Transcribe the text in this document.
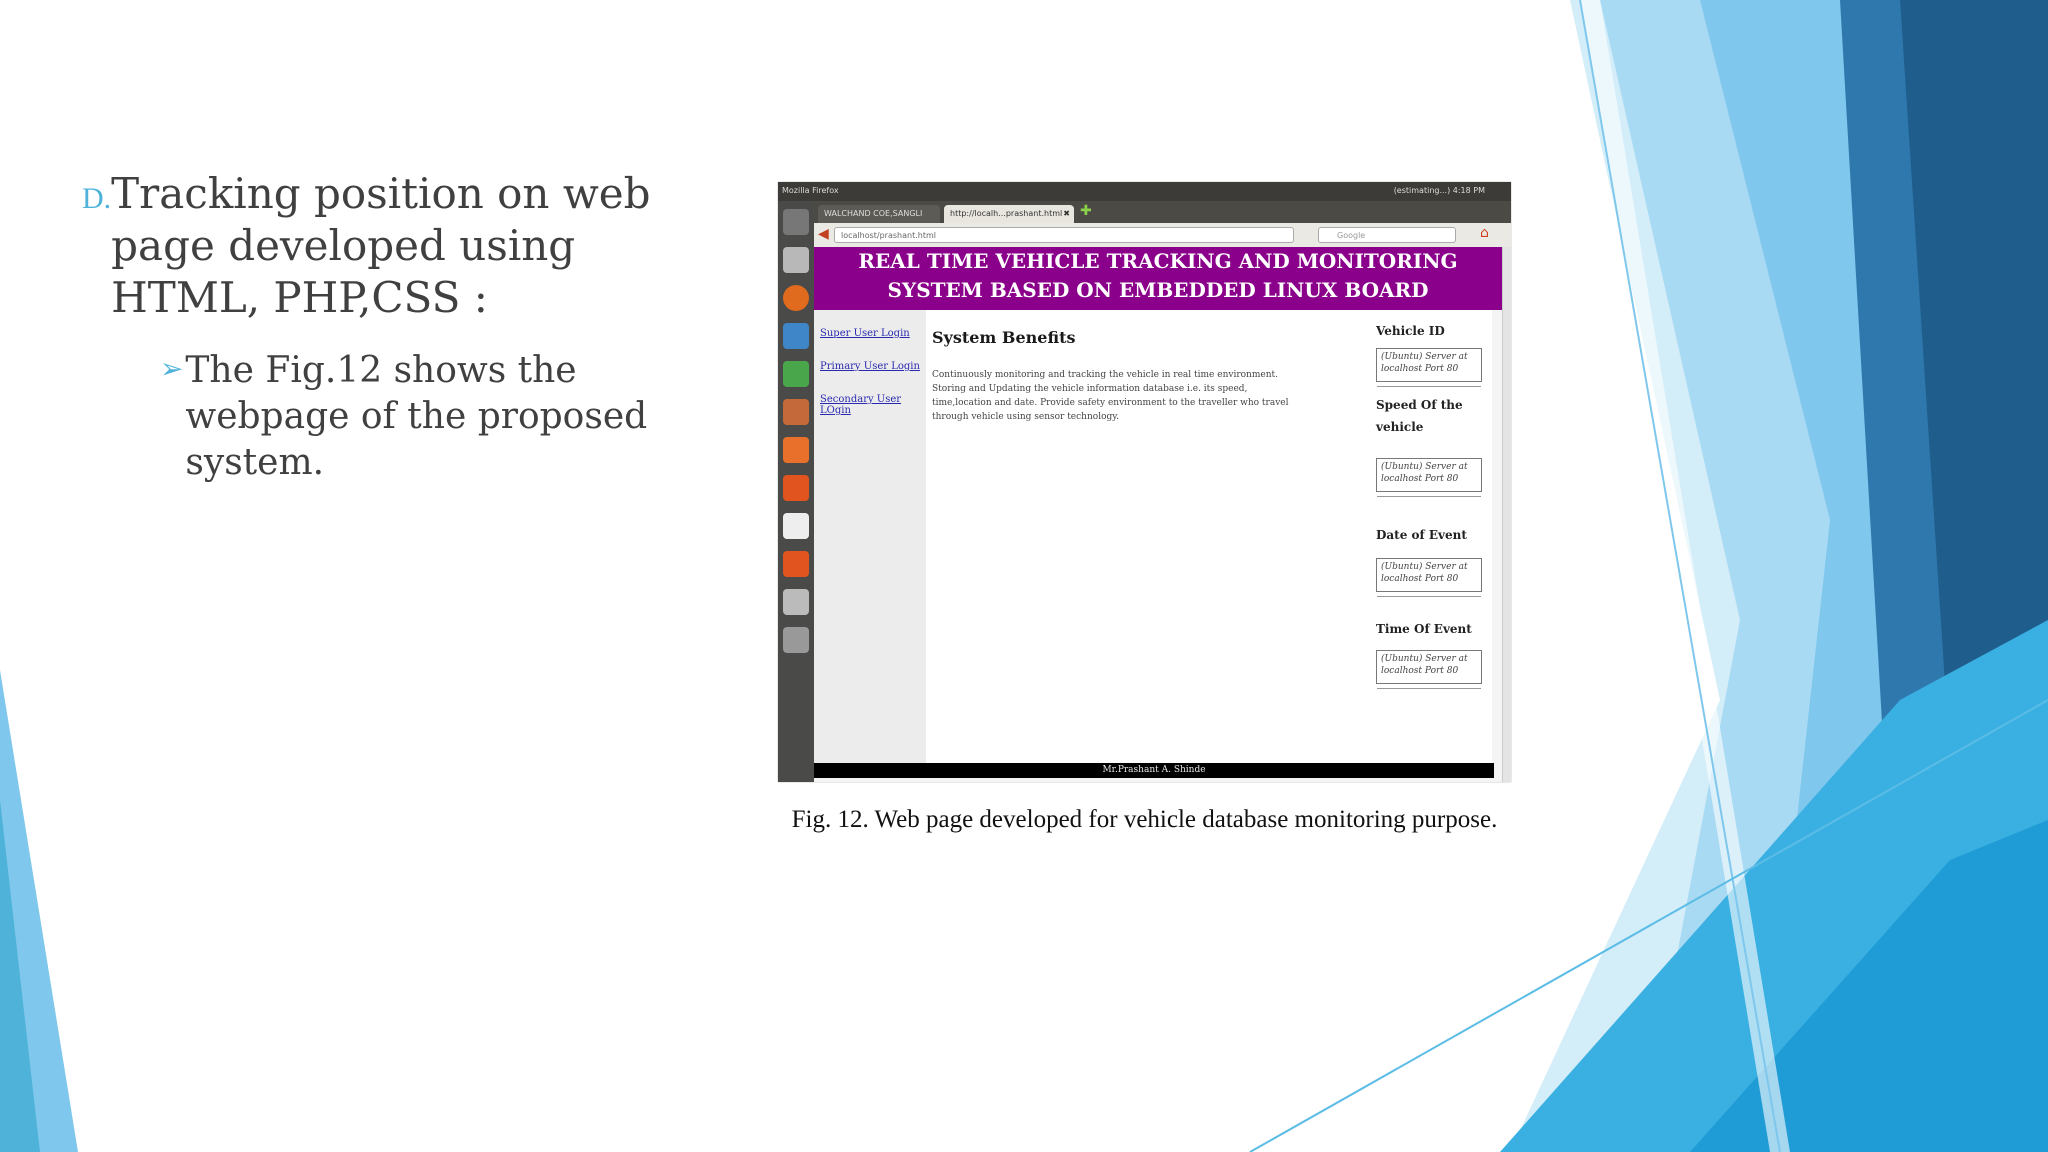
D. Tracking position on web page developed using HTML, PHP,CSS :
➢ The Fig.12 shows the webpage of the proposed system.
Mozilla Firefox	(estimating...) 4:18 PM
WALCHAND COE,SANGLI	http://localh...prashant.html ✖ ✚
◀	localhost/prashant.html	Google	⌂
REAL TIME VEHICLE TRACKING AND MONITORING SYSTEM BASED ON EMBEDDED LINUX BOARD
Super User Login
Primary User Login
Secondary User LOgin
System Benefits

Continuously monitoring and tracking the vehicle in real time environment. Storing and Updating the vehicle information database i.e. its speed, time,location and date. Provide safety environment to the traveller who travel through vehicle using sensor technology.

Vehicle ID
(Ubuntu) Server at localhost Port 80
Speed Of the vehicle
(Ubuntu) Server at localhost Port 80
Date of Event
(Ubuntu) Server at localhost Port 80
Time Of Event
(Ubuntu) Server at localhost Port 80
Mr.Prashant A. Shinde
Fig. 12. Web page developed for vehicle database monitoring purpose.
